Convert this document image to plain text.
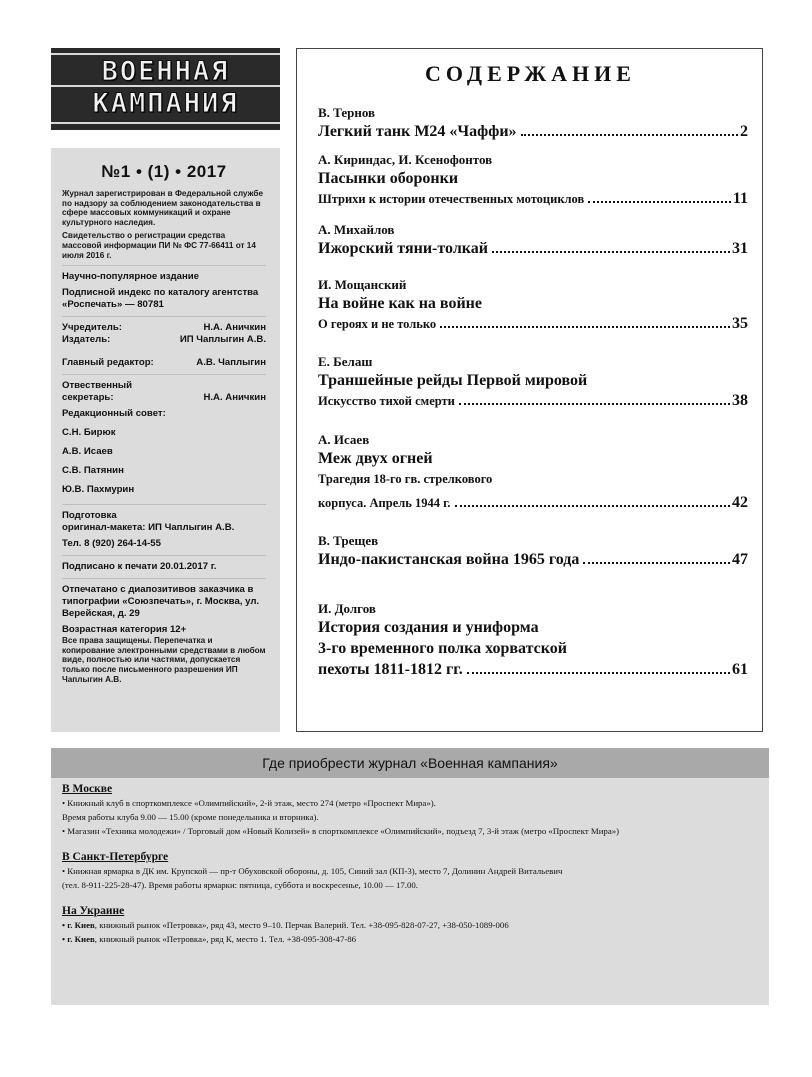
ВОЕННАЯ
КАМПАНИЯ
№1 • (1) • 2017
Журнал зарегистрирован в Федеральной службе по надзору за соблюдением законодательства в сфере массовых коммуникаций и охране культурного наследия.
Свидетельство о регистрации средства массовой информации ПИ № ФС 77-66411 от 14 июля 2016 г.
Научно-популярное издание
Подписной индекс по каталогу агентства «Роспечать» — 80781
Учредитель:	Н.А. Аничкин
Издатель:	ИП Чаплыгин А.В.
Главный редактор:	А.В. Чаплыгин
Отвественный
секретарь:	Н.А. Аничкин
Редакционный совет:
С.Н. Бирюк
А.В. Исаев
С.В. Патянин
Ю.В. Пахмурин
Подготовка
оригинал-макета: ИП Чаплыгин А.В.
Тел. 8 (920) 264-14-55
Подписано к печати 20.01.2017 г.
Отпечатано с диапозитивов заказчика в типографии «Союзпечать», г. Москва, ул. Верейская, д. 29
Возрастная категория 12+
Все права защищены. Перепечатка и копирование электронными средствами в любом виде, полностью или частями, допускается только после письменного разрешения ИП Чаплыгин А.В.
СОДЕРЖАНИЕ
В. Тернов
Легкий танк М24 «Чаффи»	2
А. Кириндас, И. Ксенофонтов
Пасынки оборонки
Штрихи к истории отечественных мотоциклов	11
А. Михайлов
Ижорский тяни-толкай	31
И. Мощанский
На войне как на войне
О героях и не только	35
Е. Белаш
Траншейные рейды Первой мировой
Искусство тихой смерти	38
А. Исаев
Меж двух огней
Трагедия 18-го гв. стрелкового
корпуса. Апрель 1944 г.	42
В. Трещев
Индо-пакистанская война 1965 года	47
И. Долгов
История создания и униформа
3-го временного полка хорватской
пехоты 1811-1812 гг.	61
Где приобрести журнал «Военная кампания»
В Москве
• Книжный клуб в спорткомплексе «Олимпийский», 2-й этаж, место 274 (метро «Проспект Мира»).
Время работы клуба 9.00 — 15.00 (кроме понедельника и вторника).
• Магазин «Техника молодежи» / Торговый дом «Новый Колизей» в спорткомплексе «Олимпийский», подъезд 7, 3-й этаж (метро «Проспект Мира»)
В Санкт-Петербурге
• Книжная ярмарка в ДК им. Крупской — пр-т Обуховской обороны, д. 105, Синий зал (КП-3), место 7, Долинин Андрей Витальевич
(тел. 8-911-225-28-47). Время работы ярмарки: пятница, суббота и воскресенье, 10.00 — 17.00.
На Украине
• г. Киев, книжный рынок «Петровка», ряд 43, место 9–10. Перчак Валерий. Тел. +38-095-828-07-27, +38-050-1089-006
• г. Киев, книжный рынок «Петровка», ряд К, место 1. Тел. +38-095-308-47-86
